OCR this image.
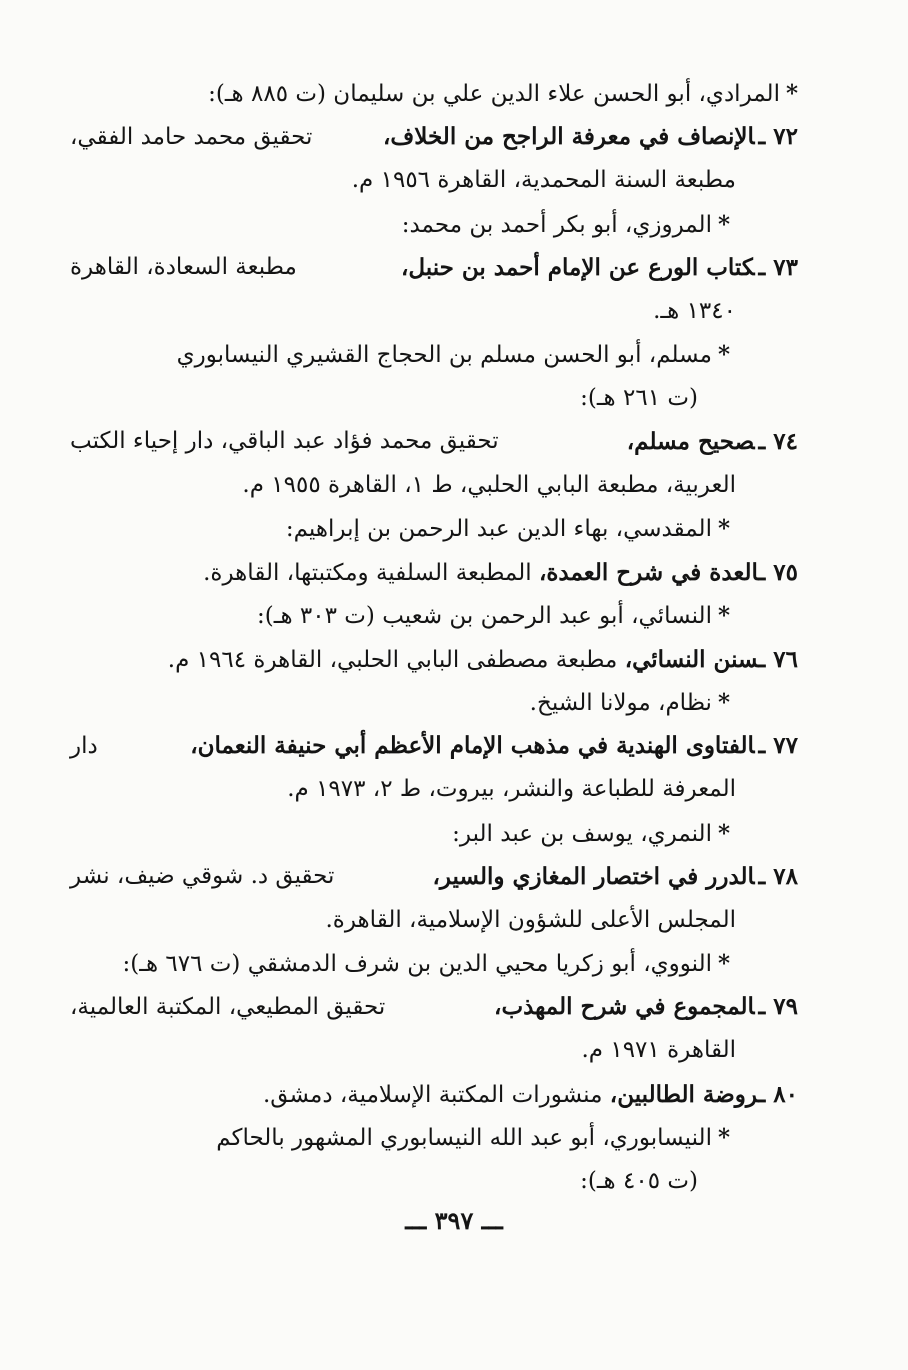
*المرادي، أبو الحسن علاء الدين علي بن سليمان (ت ٨٨٥ هـ):
٧٢ ـالإنصاف في معرفة الراجح من الخلاف،
تحقيق محمد حامد الفقي،
مطبعة السنة المحمدية، القاهرة ١٩٥٦ م.
*المروزي، أبو بكر أحمد بن محمد:
٧٣ ـكتاب الورع عن الإمام أحمد بن حنبل،
مطبعة السعادة، القاهرة
١٣٤٠ هـ.
*مسلم، أبو الحسن مسلم بن الحجاج القشيري النيسابوري
(ت ٢٦١ هـ):
٧٤ ـصحيح مسلم،
تحقيق محمد فؤاد عبد الباقي، دار إحياء الكتب
العربية، مطبعة البابي الحلبي، ط ١، القاهرة ١٩٥٥ م.
*المقدسي، بهاء الدين عبد الرحمن بن إبراهيم:
٧٥ ـالعدة في شرح العمدة، المطبعة السلفية ومكتبتها، القاهرة.
*النسائي، أبو عبد الرحمن بن شعيب (ت ٣٠٣ هـ):
٧٦ ـسنن النسائي، مطبعة مصطفى البابي الحلبي، القاهرة ١٩٦٤ م.
*نظام، مولانا الشيخ.
٧٧ ـالفتاوى الهندية في مذهب الإمام الأعظم أبي حنيفة النعمان،
دار
المعرفة للطباعة والنشر، بيروت، ط ٢، ١٩٧٣ م.
*النمري، يوسف بن عبد البر:
٧٨ ـالدرر في اختصار المغازي والسير،
تحقيق د. شوقي ضيف، نشر
المجلس الأعلى للشؤون الإسلامية، القاهرة.
*النووي، أبو زكريا محيي الدين بن شرف الدمشقي (ت ٦٧٦ هـ):
٧٩ ـالمجموع في شرح المهذب،
تحقيق المطيعي، المكتبة العالمية،
القاهرة ١٩٧١ م.
٨٠ ـروضة الطالبين، منشورات المكتبة الإسلامية، دمشق.
*النيسابوري، أبو عبد الله النيسابوري المشهور بالحاكم
(ت ٤٠٥ هـ):
ـــ ٣٩٧ ـــ
